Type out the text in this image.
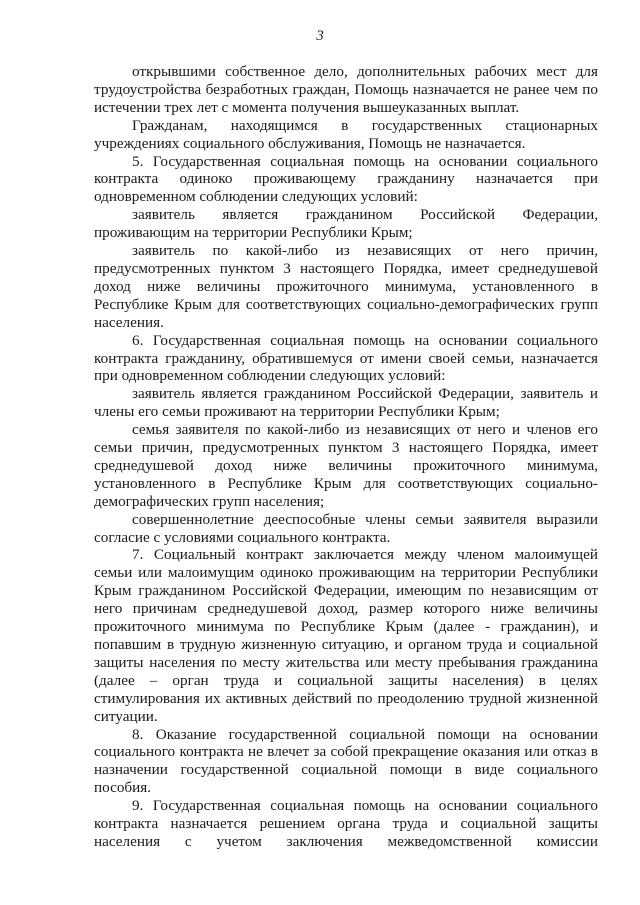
3

открывшими собственное дело, дополнительных рабочих мест для трудоустройства безработных граждан, Помощь назначается не ранее чем по истечении трех лет с момента получения вышеуказанных выплат.

Гражданам, находящимся в государственных стационарных учреждениях социального обслуживания, Помощь не назначается.

5. Государственная социальная помощь на основании социального контракта одиноко проживающему гражданину назначается при одновременном соблюдении следующих условий:

заявитель является гражданином Российской Федерации, проживающим на территории Республики Крым;

заявитель по какой-либо из независящих от него причин, предусмотренных пунктом 3 настоящего Порядка, имеет среднедушевой доход ниже величины прожиточного минимума, установленного в Республике Крым для соответствующих социально-демографических групп населения.

6. Государственная социальная помощь на основании социального контракта гражданину, обратившемуся от имени своей семьи, назначается при одновременном соблюдении следующих условий:

заявитель является гражданином Российской Федерации, заявитель и члены его семьи проживают на территории Республики Крым;

семья заявителя по какой-либо из независящих от него и членов его семьи причин, предусмотренных пунктом 3 настоящего Порядка, имеет среднедушевой доход ниже величины прожиточного минимума, установленного в Республике Крым для соответствующих социально-демографических групп населения;

совершеннолетние дееспособные члены семьи заявителя выразили согласие с условиями социального контракта.

7. Социальный контракт заключается между членом малоимущей семьи или малоимущим одиноко проживающим на территории Республики Крым гражданином Российской Федерации, имеющим по независящим от него причинам среднедушевой доход, размер которого ниже величины прожиточного минимума по Республике Крым (далее - гражданин), и попавшим в трудную жизненную ситуацию, и органом труда и социальной защиты населения по месту жительства или месту пребывания гражданина (далее – орган труда и социальной защиты населения) в целях стимулирования их активных действий по преодолению трудной жизненной ситуации.

8. Оказание государственной социальной помощи на основании социального контракта не влечет за собой прекращение оказания или отказ в назначении государственной социальной помощи в виде социального пособия.

9. Государственная социальная помощь на основании социального контракта назначается решением органа труда и социальной защиты населения с учетом заключения межведомственной комиссии
